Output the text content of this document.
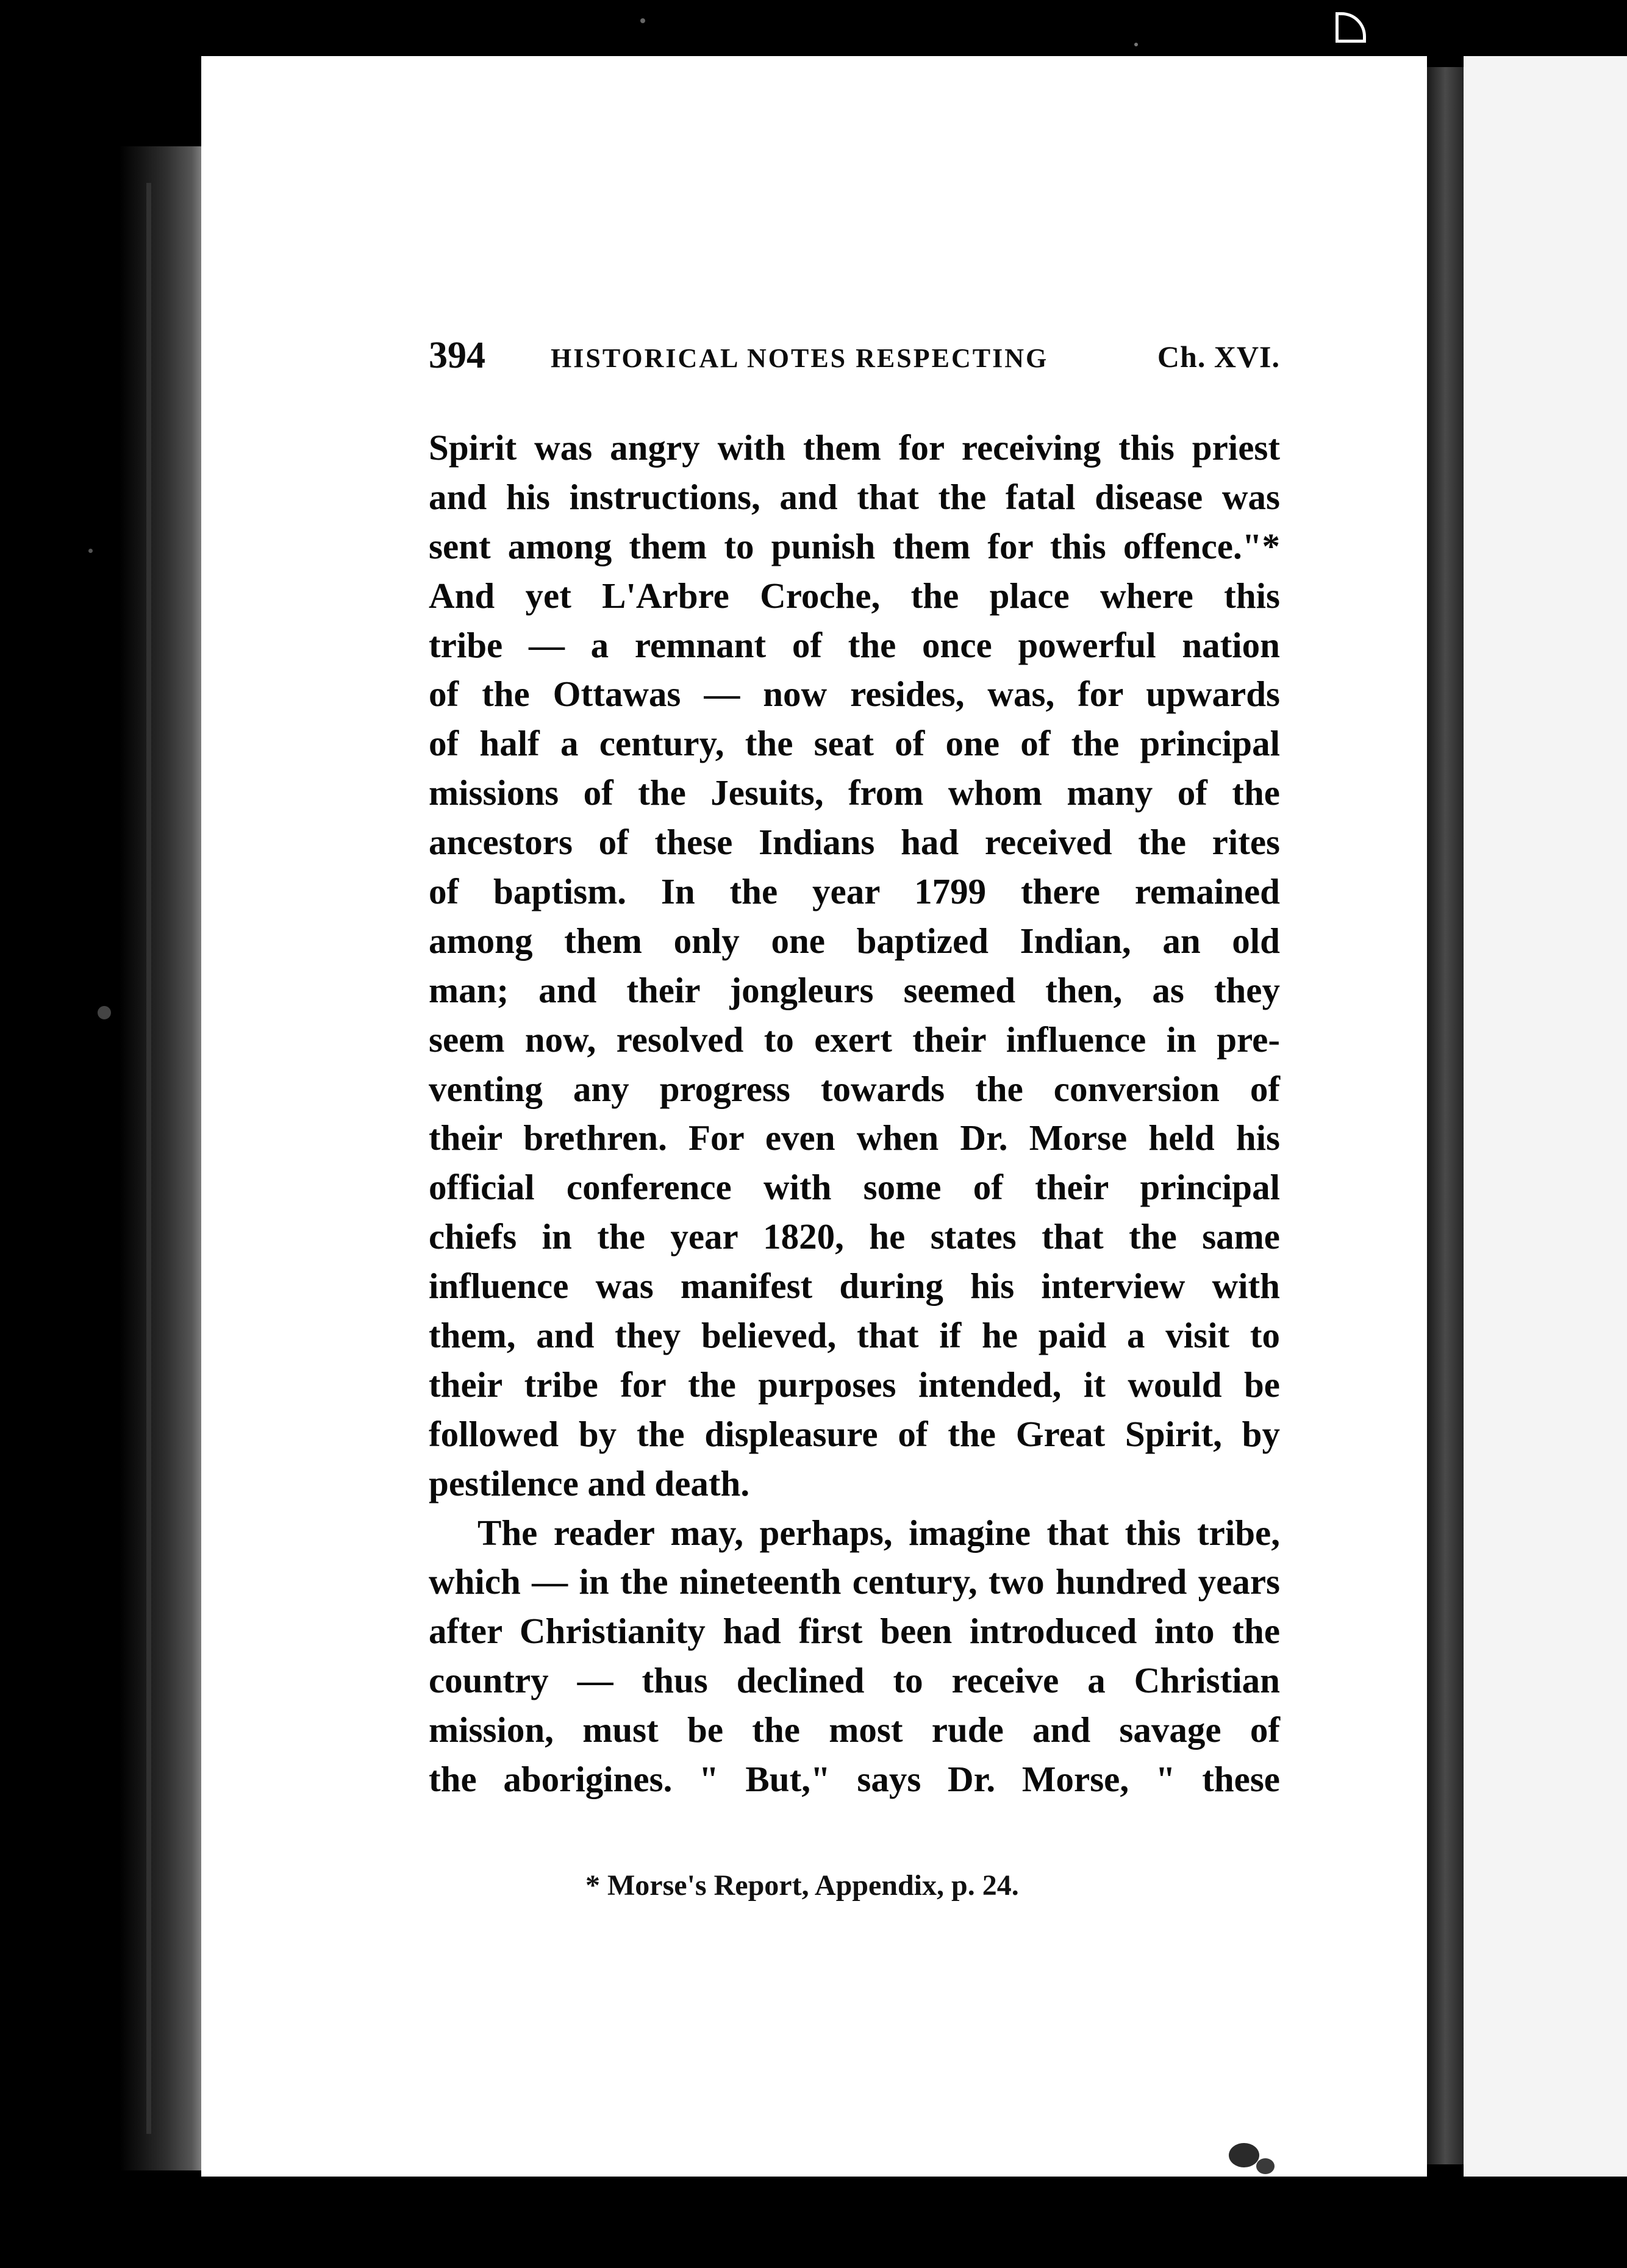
394 HISTORICAL NOTES RESPECTING	Ch. XVI.
Spirit was angry with them for receiving this priest
and his instructions, and that the fatal disease was
sent among them to punish them for this offence."*
And yet L'Arbre Croche, the place where this
tribe — a remnant of the once powerful nation
of the Ottawas — now resides, was, for upwards
of half a century, the seat of one of the principal
missions of the Jesuits, from whom many of the
ancestors of these Indians had received the rites
of baptism. In the year 1799 there remained
among them only one baptized Indian, an old
man; and their jongleurs seemed then, as they
seem now, resolved to exert their influence in pre-
venting any progress towards the conversion of
their brethren. For even when Dr. Morse held his
official conference with some of their principal
chiefs in the year 1820, he states that the same
influence was manifest during his interview with
them, and they believed, that if he paid a visit to
their tribe for the purposes intended, it would be
followed by the displeasure of the Great Spirit, by
pestilence and death.
The reader may, perhaps, imagine that this tribe,
which — in the nineteenth century, two hundred years
after Christianity had first been introduced into the
country — thus declined to receive a Christian
mission, must be the most rude and savage of
the aborigines. " But," says Dr. Morse, " these
* Morse's Report, Appendix, p. 24.
